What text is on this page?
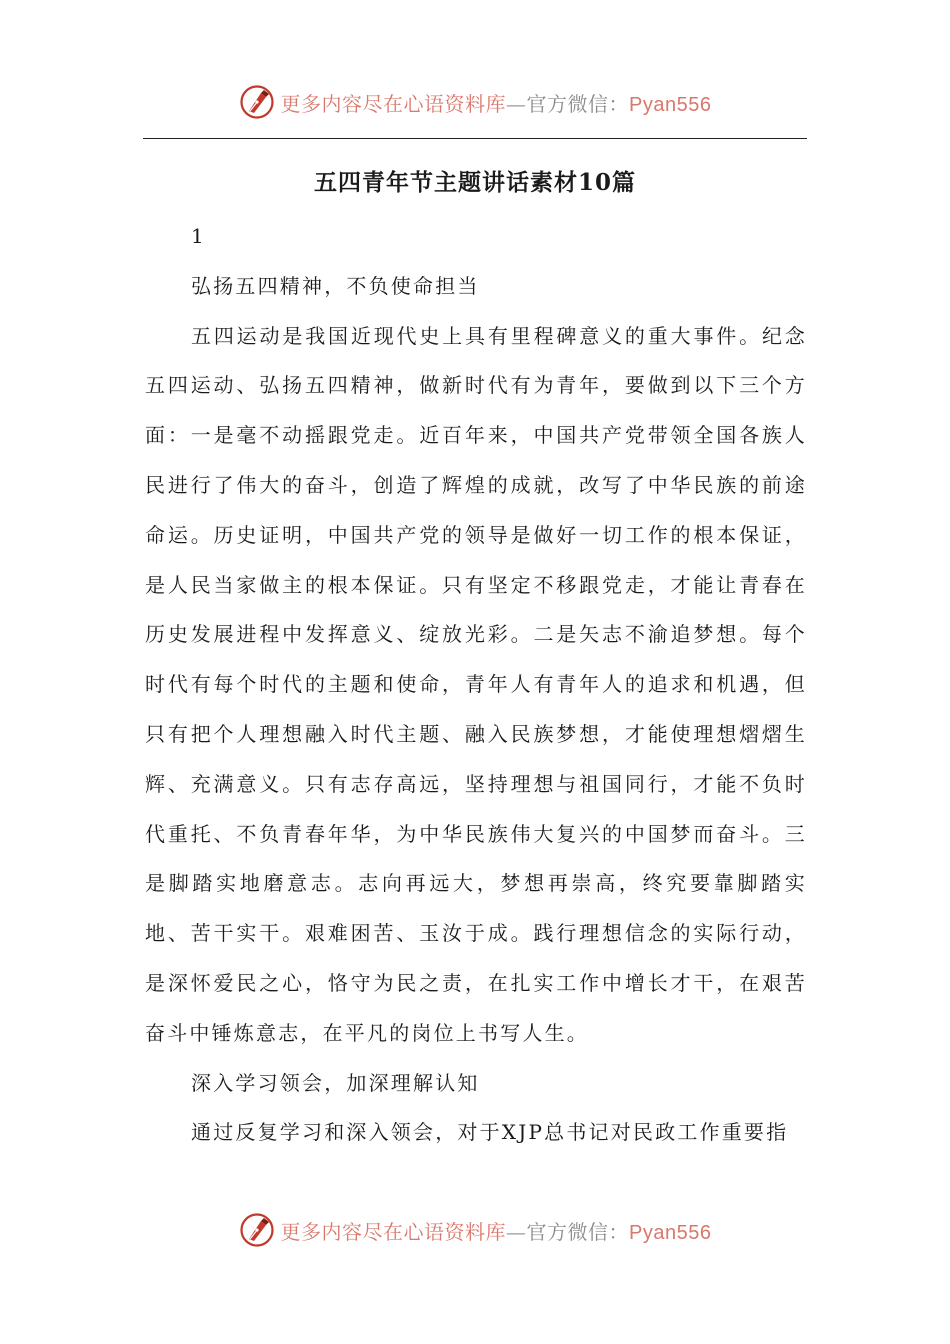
更多内容尽在心语资料库—官方微信：Pyan556
五四青年节主题讲话素材10篇

1

弘扬五四精神，不负使命担当

五四运动是我国近现代史上具有里程碑意义的重大事件。纪念五四运动、弘扬五四精神，做新时代有为青年，要做到以下三个方面：一是毫不动摇跟党走。近百年来，中国共产党带领全国各族人民进行了伟大的奋斗，创造了辉煌的成就，改写了中华民族的前途命运。历史证明，中国共产党的领导是做好一切工作的根本保证，是人民当家做主的根本保证。只有坚定不移跟党走，才能让青春在历史发展进程中发挥意义、绽放光彩。二是矢志不渝追梦想。每个时代有每个时代的主题和使命，青年人有青年人的追求和机遇，但只有把个人理想融入时代主题、融入民族梦想，才能使理想熠熠生辉、充满意义。只有志存高远，坚持理想与祖国同行，才能不负时代重托、不负青春年华，为中华民族伟大复兴的中国梦而奋斗。三是脚踏实地磨意志。志向再远大，梦想再崇高，终究要靠脚踏实地、苦干实干。艰难困苦、玉汝于成。践行理想信念的实际行动，是深怀爱民之心，恪守为民之责，在扎实工作中增长才干，在艰苦奋斗中锤炼意志，在平凡的岗位上书写人生。

深入学习领会，加深理解认知

通过反复学习和深入领会，对于XJP总书记对民政工作重要指

更多内容尽在心语资料库—官方微信：Pyan556
